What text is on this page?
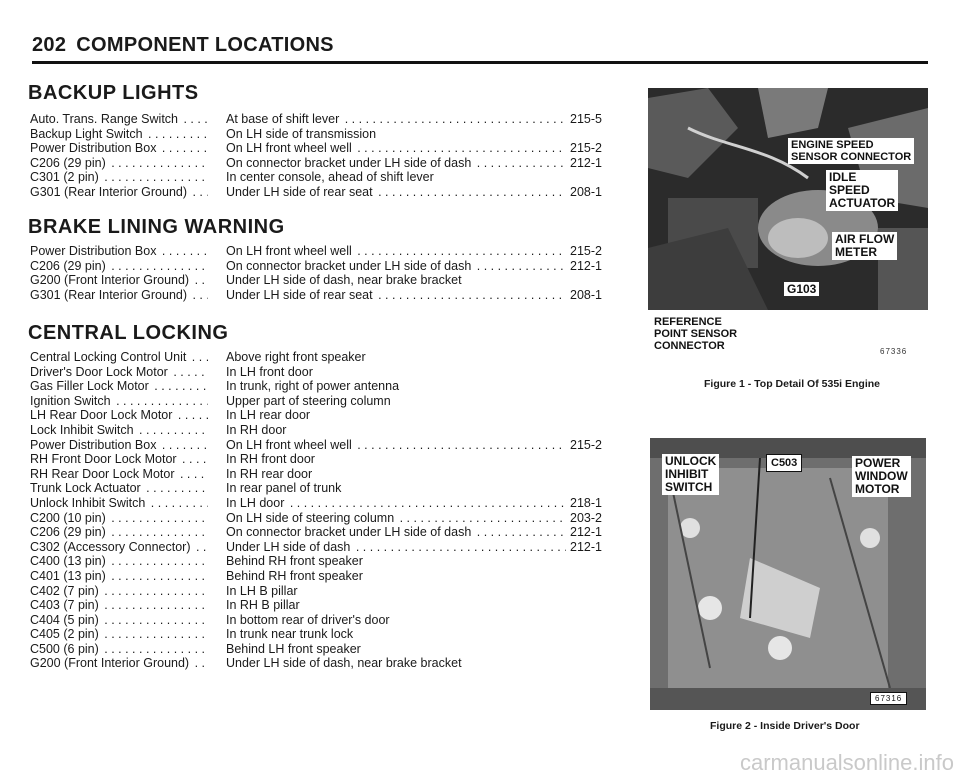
202 COMPONENT LOCATIONS
BACKUP LIGHTS
Auto. Trans. Range Switch . . .	At base of shift lever . . .	215-5
Backup Light Switch . . .	On LH side of transmission
Power Distribution Box . . .	On LH front wheel well . . .	215-2
C206 (29 pin) . . .	On connector bracket under LH side of dash . . .	212-1
C301 (2 pin) . . .	In center console, ahead of shift lever
G301 (Rear Interior Ground) . . .	Under LH side of rear seat . . .	208-1
BRAKE LINING WARNING
Power Distribution Box . . .	On LH front wheel well . . .	215-2
C206 (29 pin) . . .	On connector bracket under LH side of dash . . .	212-1
G200 (Front Interior Ground) . . .	Under LH side of dash, near brake bracket
G301 (Rear Interior Ground) . . .	Under LH side of rear seat . . .	208-1
CENTRAL LOCKING
Central Locking Control Unit . . .	Above right front speaker
Driver's Door Lock Motor . . .	In LH front door
Gas Filler Lock Motor . . .	In trunk, right of power antenna
Ignition Switch . . .	Upper part of steering column
LH Rear Door Lock Motor . . .	In LH rear door
Lock Inhibit Switch . . .	In RH door
Power Distribution Box . . .	On LH front wheel well . . .	215-2
RH Front Door Lock Motor . . .	In RH front door
RH Rear Door Lock Motor . . .	In RH rear door
Trunk Lock Actuator . . .	In rear panel of trunk
Unlock Inhibit Switch . . .	In LH door . . .	218-1
C200 (10 pin) . . .	On LH side of steering column . . .	203-2
C206 (29 pin) . . .	On connector bracket under LH side of dash . . .	212-1
C302 (Accessory Connector) . . .	Under LH side of dash . . .	212-1
C400 (13 pin) . . .	Behind RH front speaker
C401 (13 pin) . . .	Behind RH front speaker
C402 (7 pin) . . .	In LH B pillar
C403 (7 pin) . . .	In RH B pillar
C404 (5 pin) . . .	In bottom rear of driver's door
C405 (2 pin) . . .	In trunk near trunk lock
C500 (6 pin) . . .	Behind LH front speaker
G200 (Front Interior Ground) . . .	Under LH side of dash, near brake bracket
ENGINE SPEED
SENSOR CONNECTOR
IDLE
SPEED
ACTUATOR
AIR FLOW
METER
G103
REFERENCE
POINT SENSOR
CONNECTOR	67336
Figure 1 - Top Detail Of 535i Engine
UNLOCK
INHIBIT
SWITCH
C503	POWER
WINDOW
MOTOR
67316
Figure 2 - Inside Driver's Door
carmanualsonline.info
